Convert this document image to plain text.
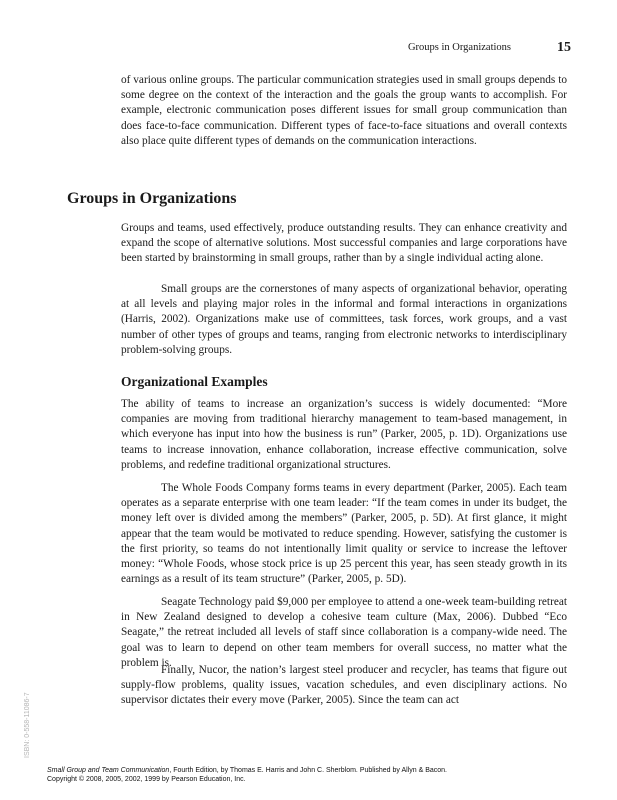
Groups in Organizations	15

of various online groups. The particular communication strategies used in small groups depends to some degree on the context of the interaction and the goals the group wants to accomplish. For example, electronic communication poses different issues for small group communication than does face-to-face communication. Different types of face-to-face situations and overall contexts also place quite different types of demands on the communication interactions.

Groups in Organizations

Groups and teams, used effectively, produce outstanding results. They can enhance creativity and expand the scope of alternative solutions. Most successful companies and large corporations have been started by brainstorming in small groups, rather than by a single individual acting alone.

Small groups are the cornerstones of many aspects of organizational behavior, operating at all levels and playing major roles in the informal and formal interactions in organizations (Harris, 2002). Organizations make use of committees, task forces, work groups, and a vast number of other types of groups and teams, ranging from electronic networks to interdisciplinary problem-solving groups.

Organizational Examples

The ability of teams to increase an organization’s success is widely documented: “More companies are moving from traditional hierarchy management to team-based management, in which everyone has input into how the business is run” (Parker, 2005, p. 1D). Organizations use teams to increase innovation, enhance collaboration, increase effective communication, solve problems, and redefine traditional organizational structures.

The Whole Foods Company forms teams in every department (Parker, 2005). Each team operates as a separate enterprise with one team leader: “If the team comes in under its budget, the money left over is divided among the members” (Parker, 2005, p. 5D). At first glance, it might appear that the team would be motivated to reduce spending. However, satisfying the customer is the first priority, so teams do not intentionally limit quality or service to increase the leftover money: “Whole Foods, whose stock price is up 25 percent this year, has seen steady growth in its earnings as a result of its team structure” (Parker, 2005, p. 5D).

Seagate Technology paid $9,000 per employee to attend a one-week team-building retreat in New Zealand designed to develop a cohesive team culture (Max, 2006). Dubbed “Eco Seagate,” the retreat included all levels of staff since collaboration is a company-wide need. The goal was to learn to depend on other team members for overall success, no matter what the problem is.

Finally, Nucor, the nation’s largest steel producer and recycler, has teams that figure out supply-flow problems, quality issues, vacation schedules, and even disciplinary actions. No supervisor dictates their every move (Parker, 2005). Since the team can act

ISBN: 0-558-11086-7
Small Group and Team Communication, Fourth Edition, by Thomas E. Harris and John C. Sherblom. Published by Allyn & Bacon.
Copyright © 2008, 2005, 2002, 1999 by Pearson Education, Inc.
